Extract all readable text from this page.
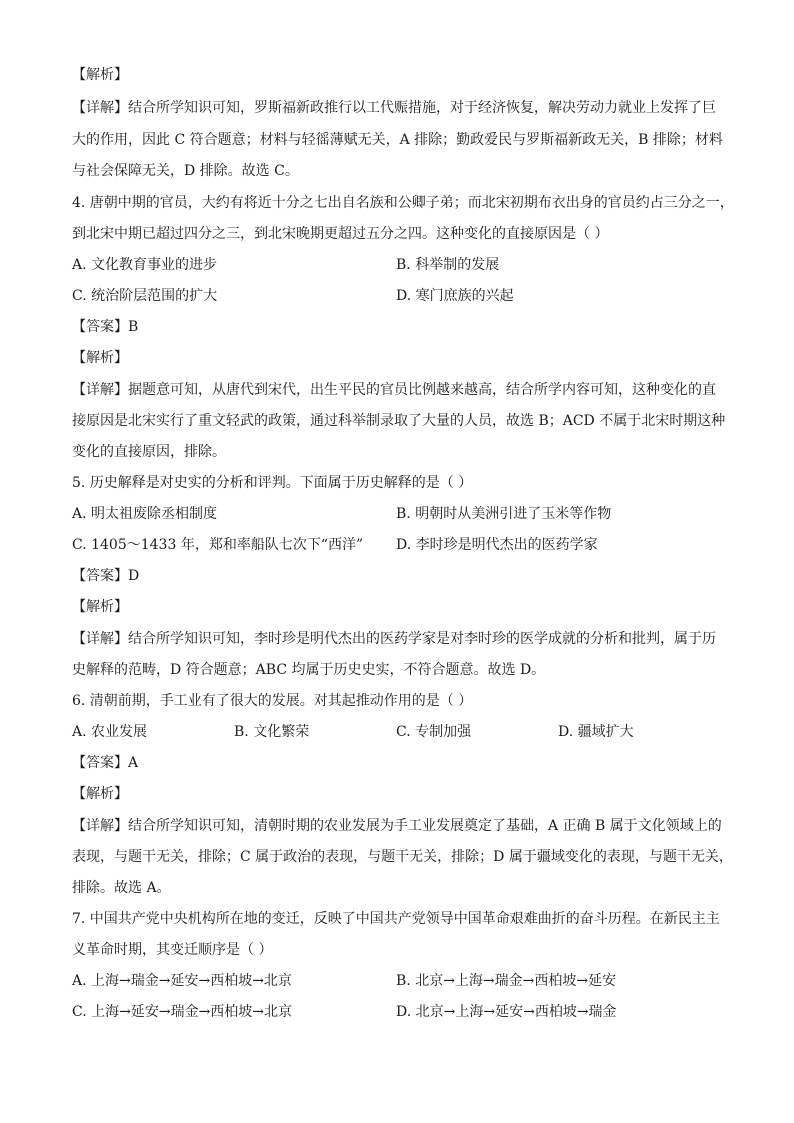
【解析】
【详解】结合所学知识可知，罗斯福新政推行以工代赈措施，对于经济恢复，解决劳动力就业上发挥了巨
大的作用，因此 C 符合题意；材料与轻徭薄赋无关，A 排除；勤政爱民与罗斯福新政无关，B 排除；材料
与社会保障无关，D 排除。故选 C。
4. 唐朝中期的官员，大约有将近十分之七出自名族和公卿子弟；而北宋初期布衣出身的官员约占三分之一，
到北宋中期已超过四分之三，到北宋晚期更超过五分之四。这种变化的直接原因是（ ）
A. 文化教育事业的进步	B. 科举制的发展
C. 统治阶层范围的扩大	D. 寒门庶族的兴起
【答案】B
【解析】
【详解】据题意可知，从唐代到宋代，出生平民的官员比例越来越高，结合所学内容可知，这种变化的直
接原因是北宋实行了重文轻武的政策，通过科举制录取了大量的人员，故选 B；ACD 不属于北宋时期这种
变化的直接原因，排除。
5. 历史解释是对史实的分析和评判。下面属于历史解释的是（ ）
A. 明太祖废除丞相制度	B. 明朝时从美洲引进了玉米等作物
C. 1405～1433 年，郑和率船队七次下“西洋” D. 李时珍是明代杰出的医药学家
【答案】D
【解析】
【详解】结合所学知识可知，李时珍是明代杰出的医药学家是对李时珍的医学成就的分析和批判，属于历
史解释的范畴，D 符合题意；ABC 均属于历史史实，不符合题意。故选 D。
6. 清朝前期，手工业有了很大的发展。对其起推动作用的是（ ）
A. 农业发展	B. 文化繁荣	C. 专制加强	D. 疆域扩大
【答案】A
【解析】
【详解】结合所学知识可知，清朝时期的农业发展为手工业发展奠定了基础，A 正确 B 属于文化领域上的
表现，与题干无关，排除；C 属于政治的表现，与题干无关，排除；D 属于疆域变化的表现，与题干无关，
排除。故选 A。
7. 中国共产党中央机构所在地的变迁，反映了中国共产党领导中国革命艰难曲折的奋斗历程。在新民主主
义革命时期，其变迁顺序是（ ）
A. 上海→瑞金→延安→西柏坡→北京	B. 北京→上海→瑞金→西柏坡→延安
C. 上海→延安→瑞金→西柏坡→北京	D. 北京→上海→延安→西柏坡→瑞金
